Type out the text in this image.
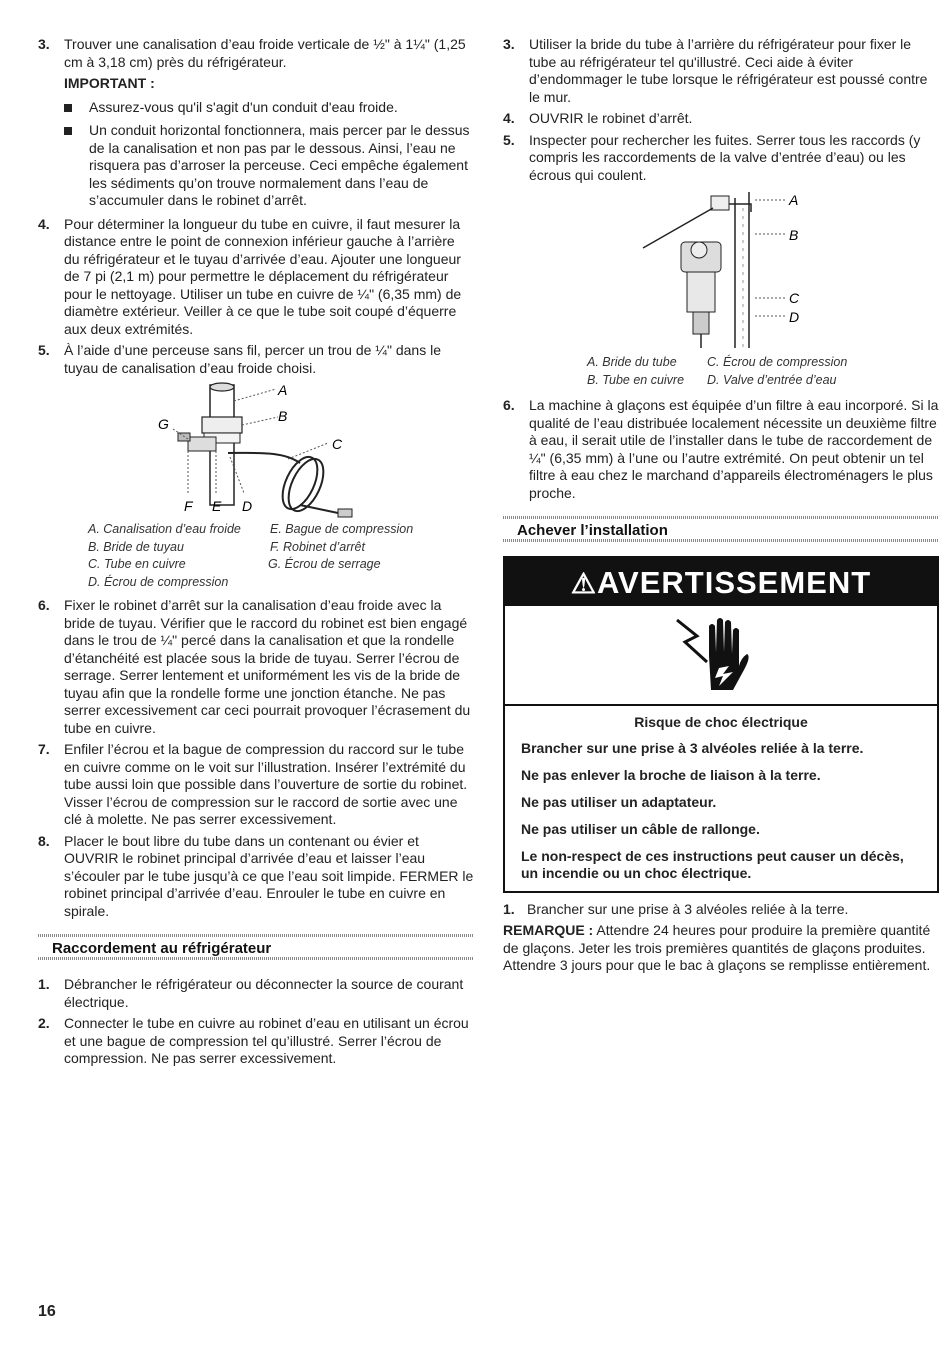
3.	Trouver une canalisation d’eau froide verticale de ½" à 1¼" (1,25 cm à 3,18 cm) près du réfrigérateur.
IMPORTANT :
Assurez-vous qu'il s'agit d'un conduit d'eau froide.
Un conduit horizontal fonctionnera, mais percer par le dessus de la canalisation et non pas par le dessous. Ainsi, l’eau ne risquera pas d’arroser la perceuse. Ceci empêche également les sédiments qu’on trouve normalement dans l’eau de s’accumuler dans le robinet d’arrêt.
4.	Pour déterminer la longueur du tube en cuivre, il faut mesurer la distance entre le point de connexion inférieur gauche à l’arrière du réfrigérateur et le tuyau d’arrivée d’eau. Ajouter une longueur de 7 pi (2,1 m) pour permettre le déplacement du réfrigérateur pour le nettoyage. Utiliser un tube en cuivre de ¼" (6,35 mm) de diamètre extérieur. Veiller à ce que le tube soit coupé d’équerre aux deux extrémités.
5.	À l’aide d’une perceuse sans fil, percer un trou de ¼" dans le tuyau de canalisation d’eau froide choisi.
A
B
C
G
F E D
A. Canalisation d’eau froide	E. Bague de compression
B. Bride de tuyau	F. Robinet d’arrêt
C. Tube en cuivre	G. Écrou de serrage
D. Écrou de compression
6.	Fixer le robinet d’arrêt sur la canalisation d’eau froide avec la bride de tuyau. Vérifier que le raccord du robinet est bien engagé dans le trou de ¼" percé dans la canalisation et que la rondelle d’étanchéité est placée sous la bride de tuyau. Serrer l’écrou de serrage. Serrer lentement et uniformément les vis de la bride de tuyau afin que la rondelle forme une jonction étanche. Ne pas serrer excessivement car ceci pourrait provoquer l’écrasement du tube en cuivre.
7.	Enfiler l’écrou et la bague de compression du raccord sur le tube en cuivre comme on le voit sur l’illustration. Insérer l’extrémité du tube aussi loin que possible dans l’ouverture de sortie du robinet. Visser l’écrou de compression sur le raccord de sortie avec une clé à molette. Ne pas serrer excessivement.
8.	Placer le bout libre du tube dans un contenant ou évier et OUVRIR le robinet principal d’arrivée d’eau et laisser l’eau s’écouler par le tube jusqu’à ce que l’eau soit limpide. FERMER le robinet principal d’arrivée d’eau. Enrouler le tube en cuivre en spirale.
Raccordement au réfrigérateur
1.	Débrancher le réfrigérateur ou déconnecter la source de courant électrique.
2.	Connecter le tube en cuivre au robinet d’eau en utilisant un écrou et une bague de compression tel qu’illustré. Serrer l’écrou de compression. Ne pas serrer excessivement.
3.	Utiliser la bride du tube à l’arrière du réfrigérateur pour fixer le tube au réfrigérateur tel qu'illustré. Ceci aide à éviter d’endommager le tube lorsque le réfrigérateur est poussé contre le mur.
4.	OUVRIR le robinet d’arrêt.
5.	Inspecter pour rechercher les fuites. Serrer tous les raccords (y compris les raccordements de la valve d’entrée d’eau) ou les écrous qui coulent.
A
B
C
D
A. Bride du tube	C. Écrou de compression
B. Tube en cuivre	D. Valve d’entrée d’eau
6.	La machine à glaçons est équipée d’un filtre à eau incorporé. Si la qualité de l’eau distribuée localement nécessite un deuxième filtre à eau, il serait utile de l’installer dans le tube de raccordement de ¼" (6,35 mm) à l’une ou l’autre extrémité. On peut obtenir un tel filtre à eau chez le marchand d’appareils électroménagers le plus proche.
Achever l’installation
⚠AVERTISSEMENT

Risque de choc électrique

Brancher sur une prise à 3 alvéoles reliée à la terre.

Ne pas enlever la broche de liaison à la terre.

Ne pas utiliser un adaptateur.

Ne pas utiliser un câble de rallonge.

Le non-respect de ces instructions peut causer un décès, un incendie ou un choc électrique.

1. Brancher sur une prise à 3 alvéoles reliée à la terre.
REMARQUE : Attendre 24 heures pour produire la première quantité de glaçons. Jeter les trois premières quantités de glaçons produites. Attendre 3 jours pour que le bac à glaçons se remplisse entièrement.
16
